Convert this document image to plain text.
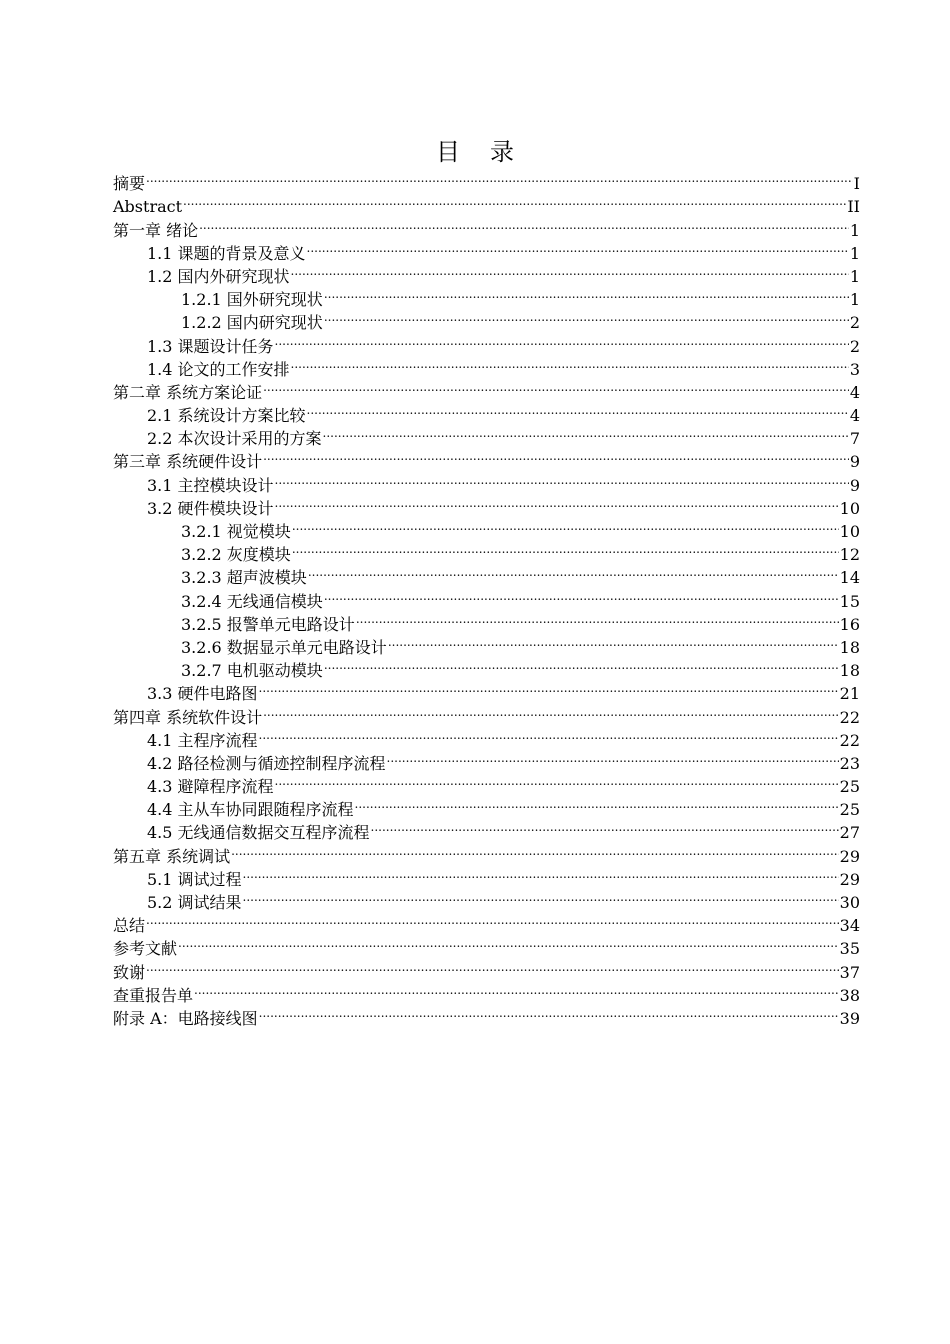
目录
摘要 .....	I
Abstract .....	II
第一章 绪论 .....	1
1.1 课题的背景及意义 .....	1
1.2 国内外研究现状 .....	1
1.2.1 国外研究现状 .....	1
1.2.2 国内研究现状 .....	2
1.3 课题设计任务 .....	2
1.4 论文的工作安排 .....	3
第二章 系统方案论证 .....	4
2.1 系统设计方案比较 .....	4
2.2 本次设计采用的方案 .....	7
第三章 系统硬件设计 .....	9
3.1 主控模块设计 .....	9
3.2 硬件模块设计 .....	10
3.2.1 视觉模块 .....	10
3.2.2 灰度模块 .....	12
3.2.3 超声波模块 .....	14
3.2.4 无线通信模块 .....	15
3.2.5 报警单元电路设计 .....	16
3.2.6 数据显示单元电路设计 .....	18
3.2.7 电机驱动模块 .....	18
3.3 硬件电路图 .....	21
第四章 系统软件设计 .....	22
4.1 主程序流程 .....	22
4.2 路径检测与循迹控制程序流程 .....	23
4.3 避障程序流程 .....	25
4.4 主从车协同跟随程序流程 .....	25
4.5 无线通信数据交互程序流程 .....	27
第五章 系统调试 .....	29
5.1 调试过程 .....	29
5.2 调试结果 .....	30
总结 .....	34
参考文献 .....	35
致谢 .....	37
查重报告单 .....	38
附录 A：电路接线图 .....	39
